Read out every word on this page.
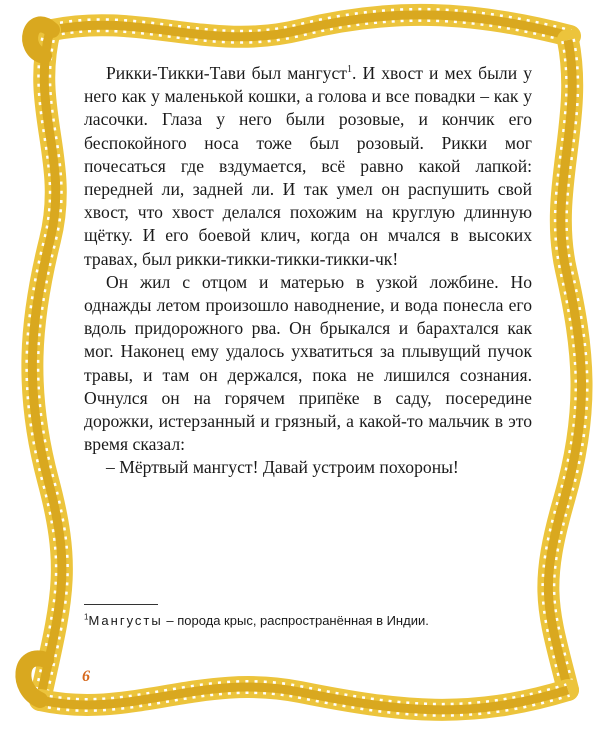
Рикки-Тикки-Тави был мангуст$^1$. И хвост и мех были у него как у маленькой кошки, а голова и все повадки – как у ласочки. Глаза у него были розовые, и кончик его беспокойного носа тоже был розовый. Рикки мог почесаться где вздумается, всё равно какой лапкой: передней ли, задней ли. И так умел он распушить свой хвост, что хвост делался похожим на круглую длинную щётку. И его боевой клич, когда он мчался в высоких травах, был рикки-тикки-тикки-тикки-чк!

Он жил с отцом и матерью в узкой ложбине. Но однажды летом произошло наводнение, и вода понесла его вдоль придорожного рва. Он брыкался и барахтался как мог. Наконец ему удалось ухватиться за плывущий пучок травы, и там он держался, пока не лишился сознания. Очнулся он на горячем припёке в саду, посередине дорожки, истерзанный и грязный, а какой-то мальчик в это время сказал:

– Мёртвый мангуст! Давай устроим похороны!

$^1$Мангусты – порода крыс, распространённая в Индии.
6
